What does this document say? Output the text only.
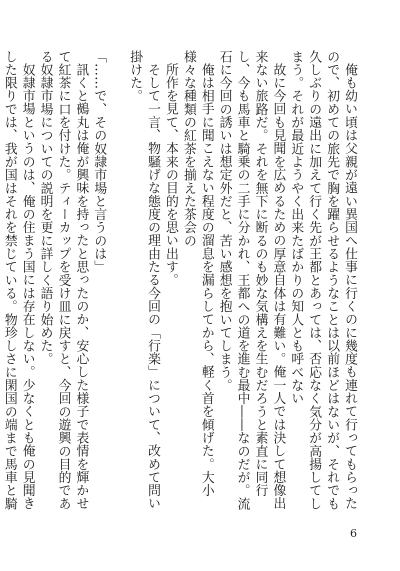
俺も幼い頃は父親が遠い異国へ仕事に行くのに幾度も連れて行ってもらったので、初めての旅先で胸を躍らせるようなことは以前ほどはないが、それでも久しぶりの遠出に加えて行く先が王都とあっては、否応なく気分が高揚してしまう。それが最近ようやく出来たばかりの知人とも呼べない

故に今回も見聞を広めるための厚意自体は有難い。俺一人では決して想像出来ない旅路だ。それを無下に断るのも妙な気構えを生むだろうと素直に同行し、今も馬車と騎乗の二手に分かれ、王都への道を進む最中――なのだが。流石に今回の誘いは想定外だと、苦い感想を抱いてしまう。

俺は相手に聞こえない程度の溜息を漏らしてから、軽く首を傾げた。大小様々な種類の紅茶を揃えた茶会の

所作を見て、本来の目的を思い出す。

そして一言、物騒げな態度の理由たる今回の「行楽」について、改めて問い掛けた。

「……で、その奴隷市場と言うのは」

訊くと鵺丸は俺が興味を持ったと思ったのか、安心した様子で表情を輝かせて紅茶に口を付けた。ティーカップを受け皿に戻すと、今回の遊興の目的である奴隷市場についての説明を更に詳しく語り始めた。

奴隷市場というのは、俺の住まう国には存在しない。少なくとも俺の見聞きした限りでは、我が国はそれを禁じている。物珍しさに閑国の端まで馬車と騎

6
